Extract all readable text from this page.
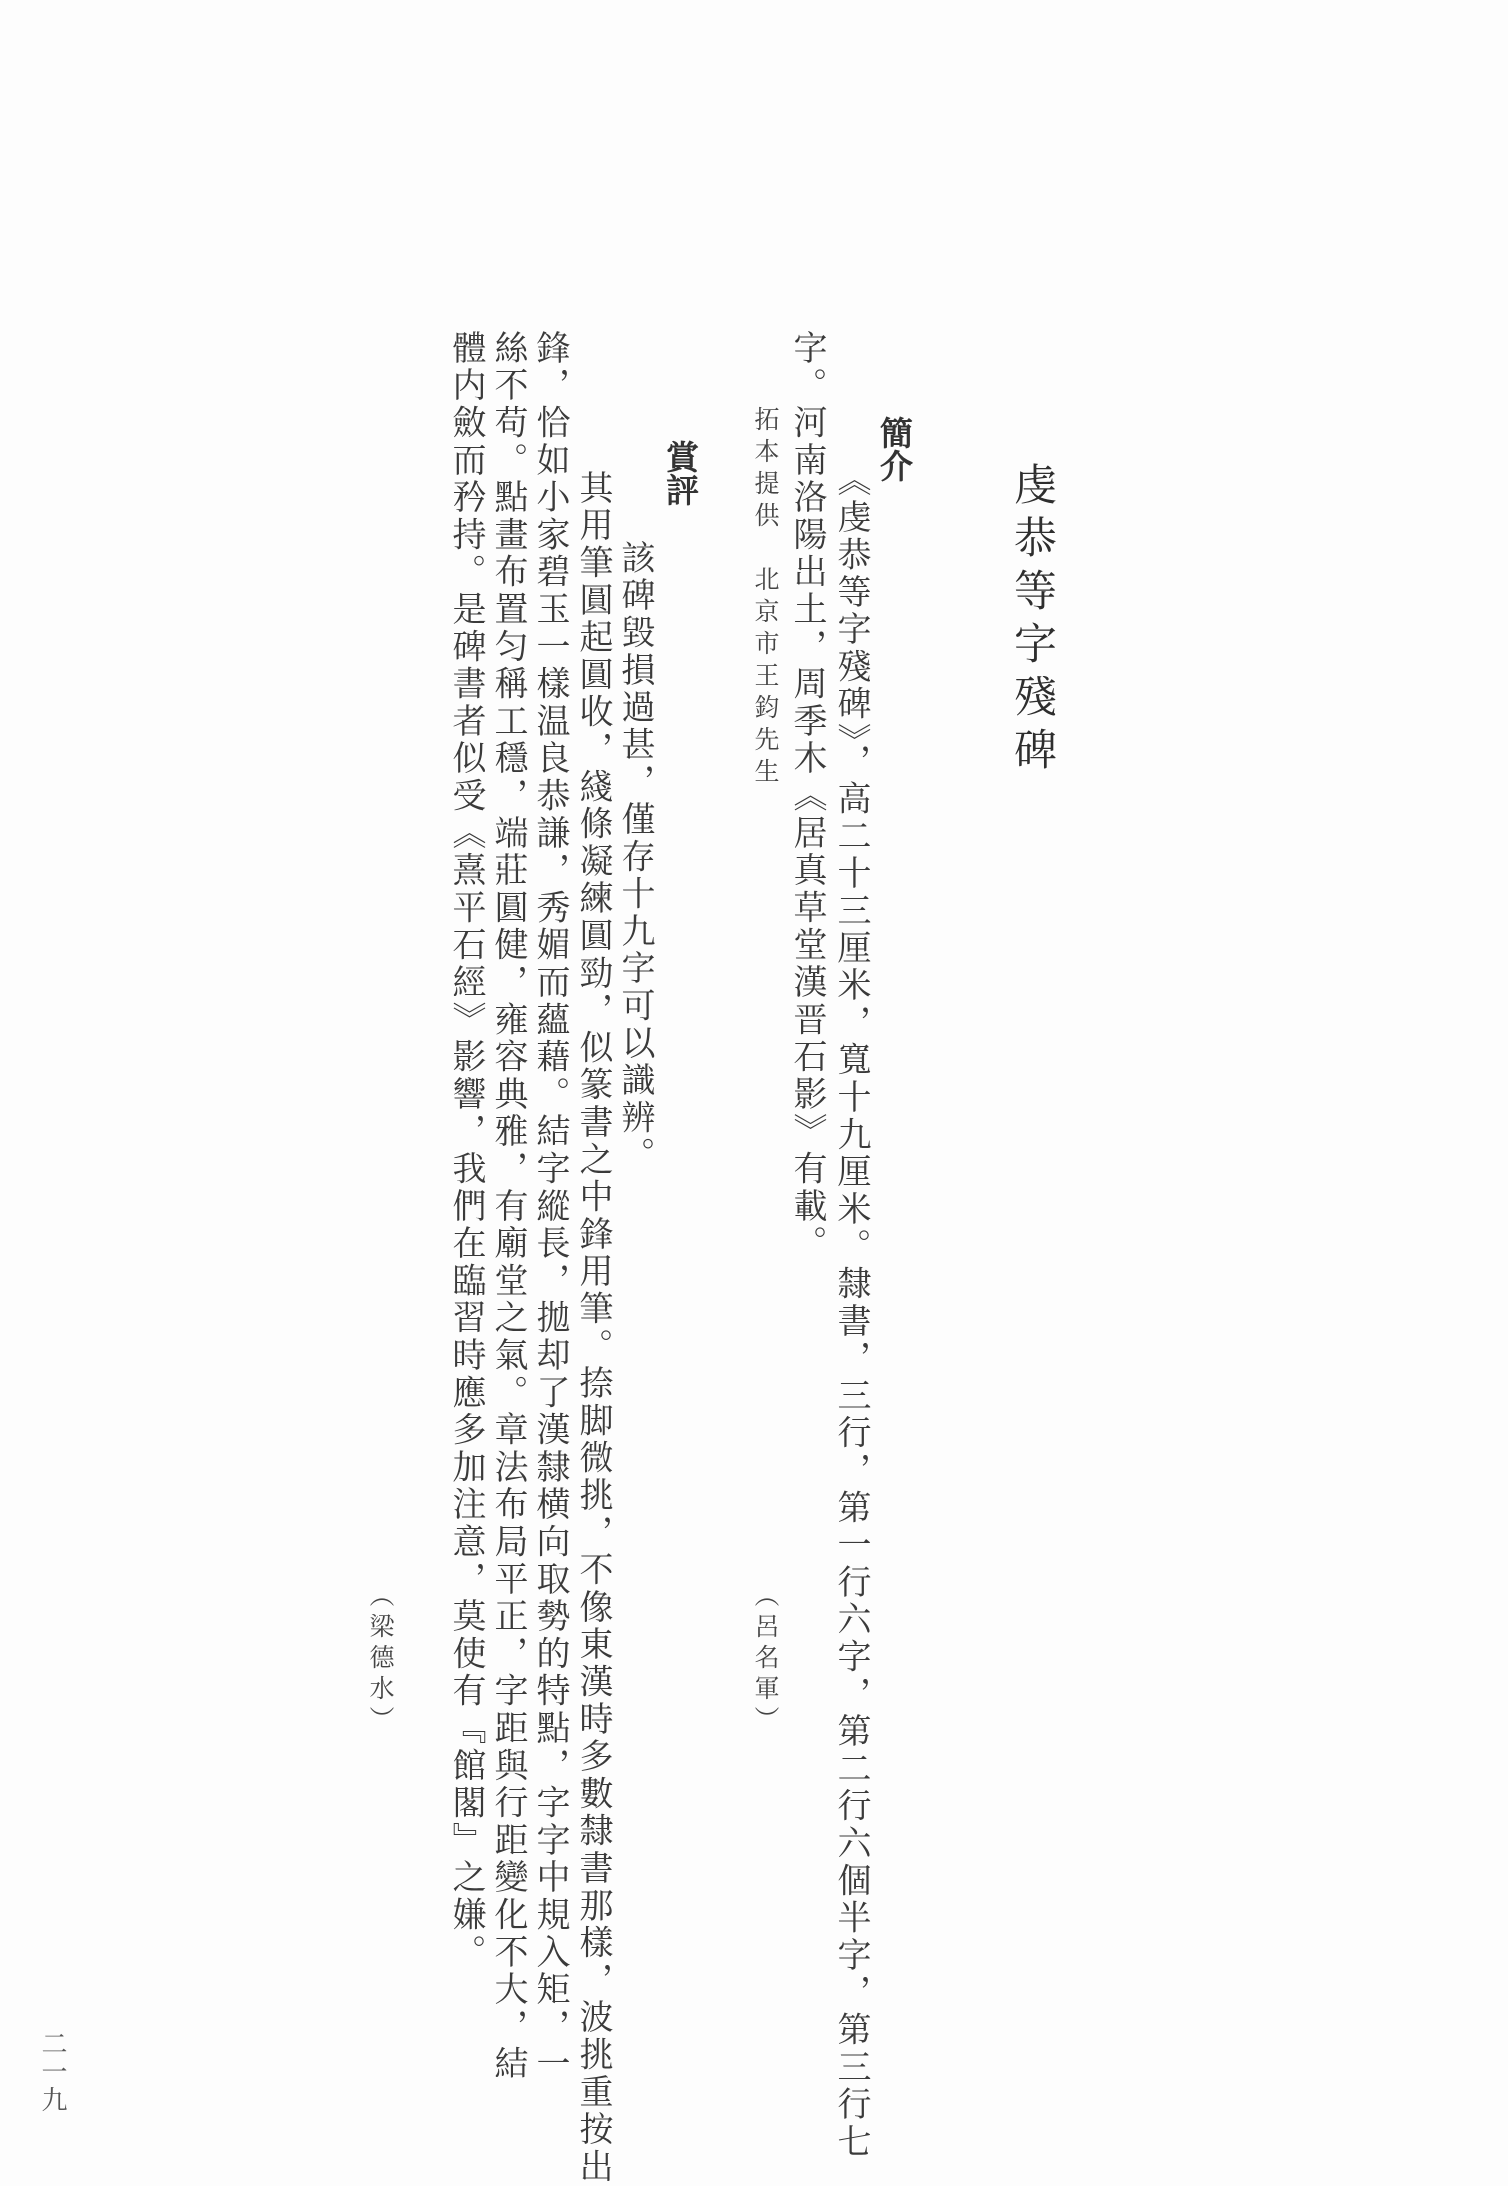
虔恭等字殘碑
簡介
《虔恭等字殘碑》，高二十三厘米，寬十九厘米。隸書，三行，第一行六字，第二行六個半字，第三行七
字。河南洛陽出土，周季木《居真草堂漢晋石影》有載。
拓本提供　北京市王鈞先生
（呂名軍）
賞評
該碑毀損過甚，僅存十九字可以識辨。
其用筆圓起圓收，綫條凝練圓勁，似篆書之中鋒用筆。捺脚微挑，不像東漢時多數隸書那樣，波挑重按出
鋒，恰如小家碧玉一樣温良恭謙，秀媚而蘊藉。結字縱長，拋却了漢隸横向取勢的特點，字字中規入矩，一
絲不苟。點畫布置匀稱工穩，端莊圓健，雍容典雅，有廟堂之氣。章法布局平正，字距與行距變化不大，結
體内斂而矜持。是碑書者似受《熹平石經》影響，我們在臨習時應多加注意，莫使有『館閣』之嫌。
（梁德水）
二一九
